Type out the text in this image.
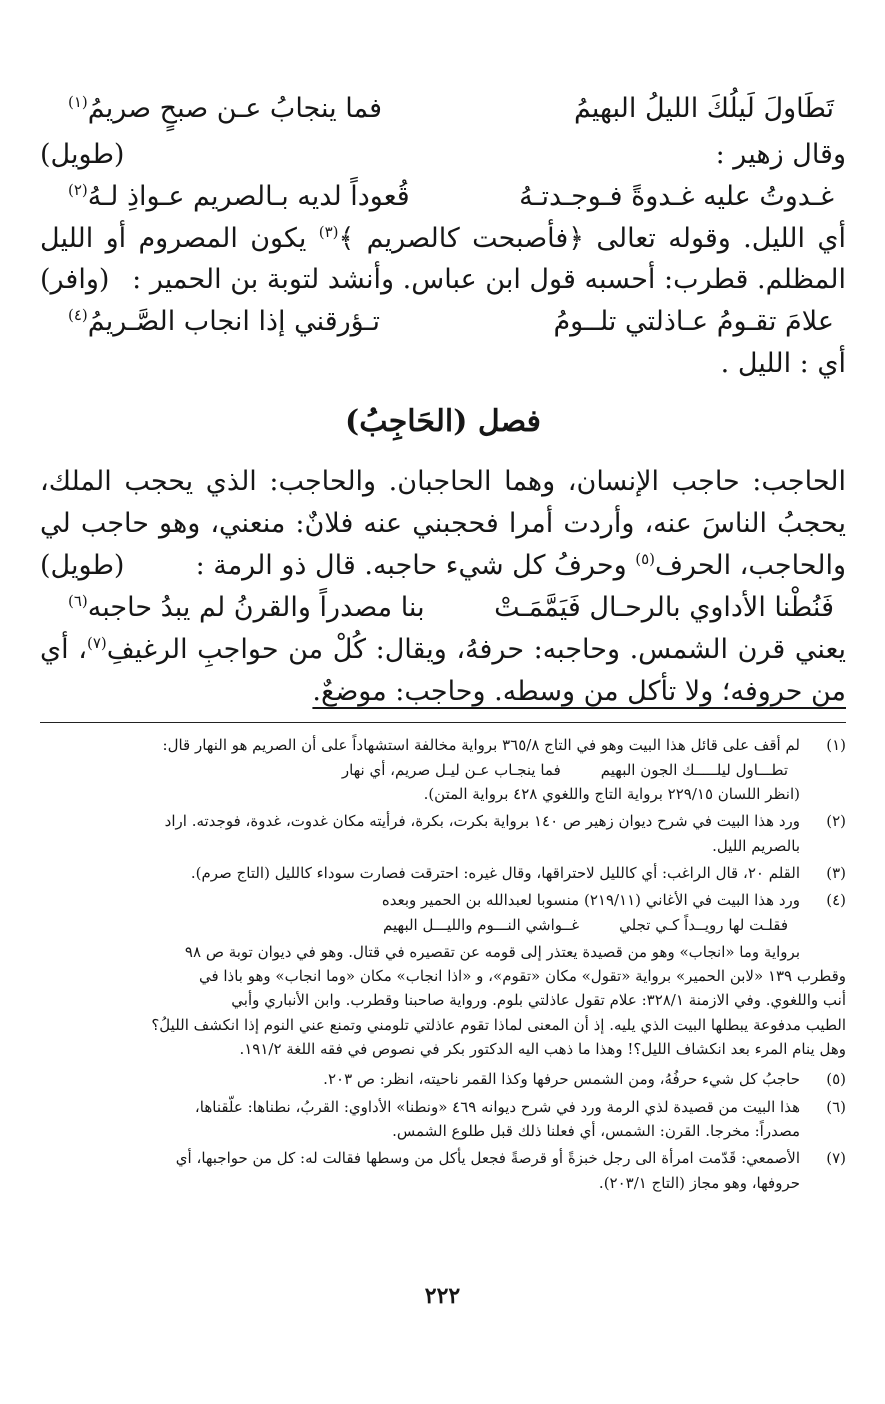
تَطَاولَ لَيلُكَ الليلُ البهيمُ
فما ينجابُ عـن صبحٍ صريمُ(١)
وقال زهير :
(طويل)
غـدوتُ عليه غـدوةً فـوجـدتـهُ
قُعوداً لديه بـالصريم عـواذِ لـهُ(٢)
أي الليل. وقوله تعالى ﴿فأصبحت كالصريم ﴾$^{(٣)}$ يكون المصروم أو الليل
المظلم. قطرب: أحسبه قول ابن عباس. وأنشد لتوبة بن الحمير :
(وافر)
علامَ تقـومُ عـاذلتي تلــومُ
تـؤرقني إذا انجاب الصَّـريمُ(٤)
أي : الليل .
فصل (الحَاجِبُ)
الحاجب: حاجب الإنسان، وهما الحاجبان. والحاجب: الذي يحجب الملك،
يحجبُ الناسَ عنه، وأردت أمرا فحجبني عنه فلانٌ: منعني، وهو حاجب لي
والحاجب، الحرف$^{(٥)}$ وحرفُ كل شيء حاجبه. قال ذو الرمة :
(طويل)
فَنُطْنا الأداوي بالرحـال فَيَمَّمَـتْ
بنا مصدراً والقرنُ لم يبدُ حاجبه(٦)
يعني قرن الشمس. وحاجبه: حرفهُ، ويقال: كُلْ من حواجبِ الرغيفِ$^{(٧)}$، أي
من حروفه؛ ولا تأكل من وسطه. وحاجب: موضعٌ.
(١)
لم أقف على قائل هذا البيت وهو في التاج ٣٦٥/٨ برواية مخالفة استشهاداً على أن الصريم هو النهار قال:
تطـــاول ليلـــــك الجون البهيم
فما ينجـاب عـن ليـل صريم، أي نهار
(انظر اللسان ٢٢٩/١٥ برواية التاج واللغوي ٤٢٨ برواية المتن).
(٢)
ورد هذا البيت في شرح ديوان زهير ص ١٤٠ برواية بكرت، بكرة، فرأيته مكان غدوت، غدوة، فوجدته. اراد
بالصريم الليل.
(٣)
القلم ٢٠، قال الراغب: أي كالليل لاحتراقها، وقال غيره: احترقت فصارت سوداء كالليل (التاج صرم).
(٤)
ورد هذا البيت في الأغاني (٢١٩/١١) منسوبا لعبدالله بن الحمير وبعده
فقلـت لها رويــداً كـي تجلي
غــواشي النـــوم والليـــل البهيم
برواية وما «انجاب» وهو من قصيدة يعتذر إلى قومه عن تقصيره في قتال. وهو في ديوان توبة ص ٩٨
وقطرب ١٣٩ «لابن الحمير» برواية «تقول» مكان «تقوم»، و «اذا انجاب» مكان «وما انجاب» وهو باذا في
أنب واللغوي. وفي الازمنة ٣٢٨/١: علام تقول عاذلتي بلوم. ورواية صاحبنا وقطرب. وابن الأنباري وأبي
الطيب مدفوعة يبطلها البيت الذي يليه. إذ أن المعنى لماذا تقوم عاذلتي تلومني وتمنع عني النوم إذا انكشف الليلُ؟
وهل ينام المرء بعد انكشاف الليل؟! وهذا ما ذهب اليه الدكتور بكر في نصوص في فقه اللغة ١٩١/٢.
(٥)
حاجبُ كل شيء حرفُهُ، ومن الشمس حرفها وكذا القمر ناحيته، انظر: ص ٢٠٣.
(٦)
هذا البيت من قصيدة لذي الرمة ورد في شرح ديوانه ٤٦٩ «ونطنا» الأداوي: القربُ، نطناها: علّقناها،
مصدراً: مخرجا. القرن: الشمس، أي فعلنا ذلك قبل طلوع الشمس.
(٧)
الأصمعي: قَدّمت امرأة الى رجل خبزةً أو قرصةً فجعل يأكل من وسطها فقالت له: كل من حواجبها، أي
حروفها، وهو مجاز (التاج ٢٠٣/١).
٢٢٢
